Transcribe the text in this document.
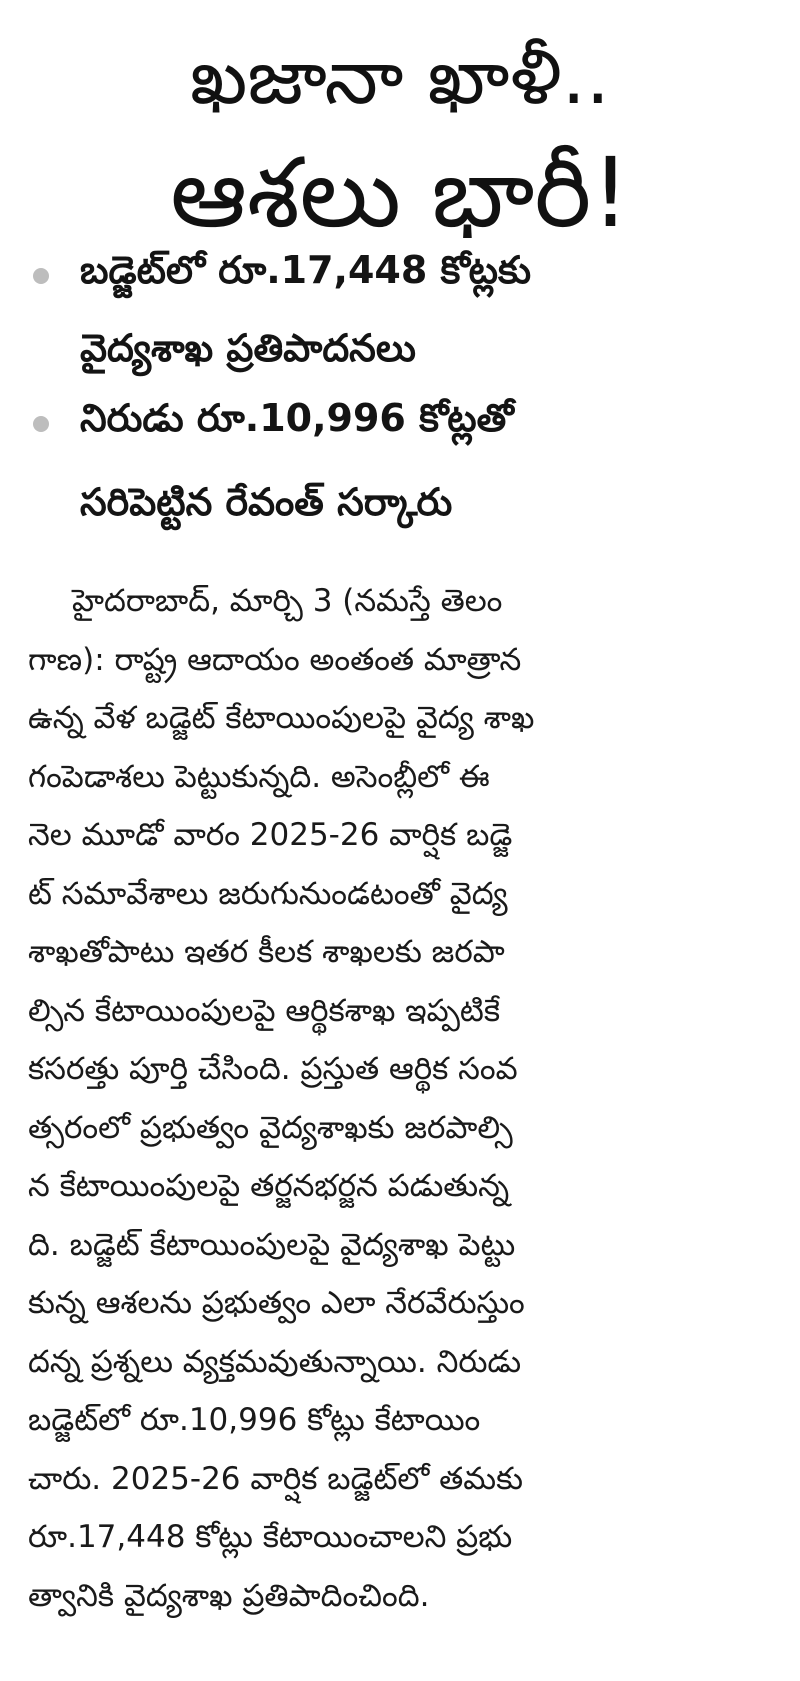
ఖజానా ఖాళీ..
ఆశలు భారీ!
బడ్జెట్‌లో రూ.17,448 కోట్లకు
వైద్యశాఖ ప్రతిపాదనలు
నిరుడు రూ.10,996 కోట్లతో
సరిపెట్టిన రేవంత్ సర్కారు
హైదరాబాద్, మార్చి 3 (నమస్తే తెలం
గాణ): రాష్ట్ర ఆదాయం అంతంత మాత్రాన
ఉన్న వేళ బడ్జెట్ కేటాయింపులపై వైద్య శాఖ
గంపెడాశలు పెట్టుకున్నది. అసెంబ్లీలో ఈ
నెల మూడో వారం 2025-26 వార్షిక బడ్జె
ట్ సమావేశాలు జరుగునుండటంతో వైద్య
శాఖతోపాటు ఇతర కీలక శాఖలకు జరపా
ల్సిన కేటాయింపులపై ఆర్థికశాఖ ఇప్పటికే
కసరత్తు పూర్తి చేసింది. ప్రస్తుత ఆర్థిక సంవ
త్సరంలో ప్రభుత్వం వైద్యశాఖకు జరపాల్సి
న కేటాయింపులపై తర్జనభర్జన పడుతున్న
ది. బడ్జెట్ కేటాయింపులపై వైద్యశాఖ పెట్టు
కున్న ఆశలను ప్రభుత్వం ఎలా నేరవేరుస్తుం
దన్న ప్రశ్నలు వ్యక్తమవుతున్నాయి. నిరుడు
బడ్జెట్‌లో రూ.10,996 కోట్లు కేటాయిం
చారు. 2025-26 వార్షిక బడ్జెట్‌లో తమకు
రూ.17,448 కోట్లు కేటాయించాలని ప్రభు
త్వానికి వైద్యశాఖ ప్రతిపాదించింది.
